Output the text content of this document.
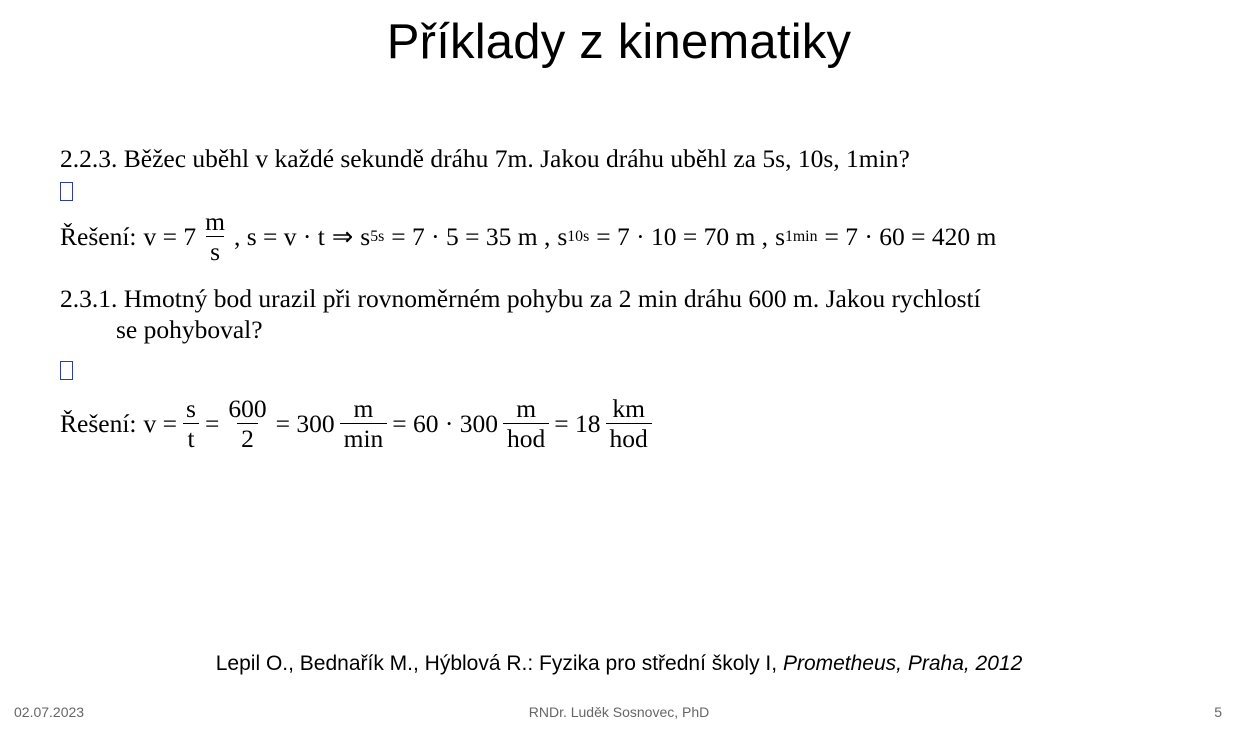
Příklady z kinematiky
2.2.3. Běžec uběhl v každé sekundě dráhu 7m. Jakou dráhu uběhl za 5s, 10s, 1min?
Řešení: $v = 7 \frac{m}{s}$ , s = v · t ⇒ s 5s = 7 · 5 = 35 m , s 10s = 7 · 10 = 70 m , s 1min = 7 · 60 = 420 m
2.3.1. Hmotný bod urazil při rovnoměrném pohybu za 2 min dráhu 600 m. Jakou rychlostí
se pohyboval?
Řešení: $v = \frac{s}{t} = \frac{600}{2} = 300 \frac{m}{\min} = 60 \cdot 300 \frac{m}{\text{hod}} = 18 \frac{km}{\text{hod}}$
Lepil O., Bednařík M., Hýblová R.: Fyzika pro střední školy I, Prometheus, Praha, 2012
02.07.2023	RNDr. Luděk Sosnovec, PhD	5
